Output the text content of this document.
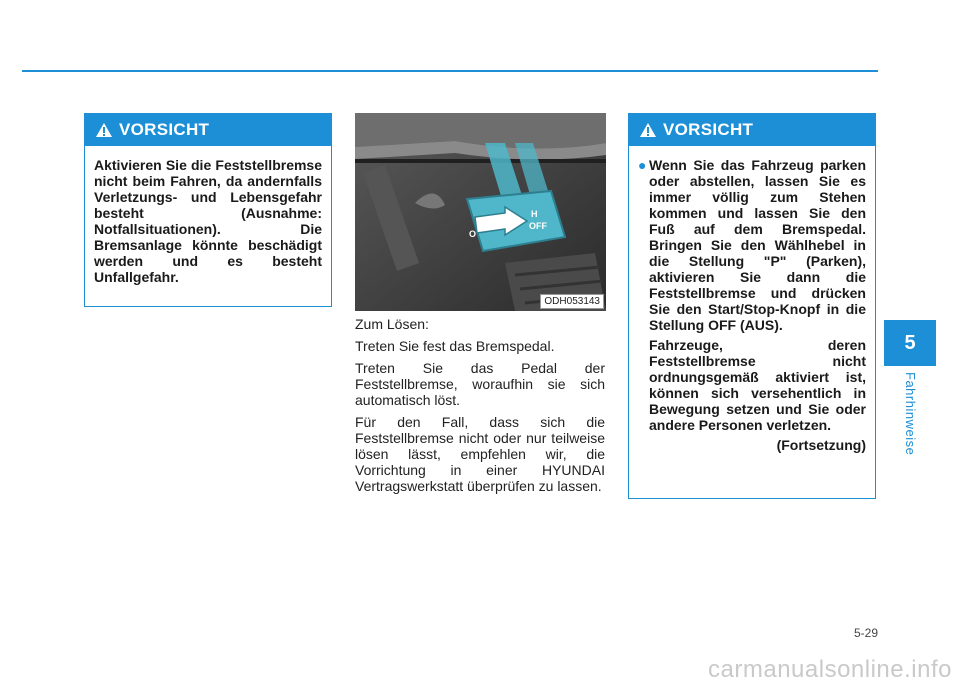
VORSICHT
Aktivieren Sie die Feststellbremse nicht beim Fahren, da andernfalls Verletzungs- und Lebensgefahr besteht (Ausnahme: Notfallsituationen). Die Bremsanlage könnte beschädigt werden und es besteht Unfallgefahr.
O
H
OFF
ODH053143

Zum Lösen:

Treten Sie fest das Bremspedal.

Treten Sie das Pedal der Feststellbremse, woraufhin sie sich automatisch löst.

Für den Fall, dass sich die Feststellbremse nicht oder nur teilweise lösen lässt, empfehlen wir, die Vorrichtung in einer HYUNDAI Vertragswerkstatt überprüfen zu lassen.

VORSICHT
● Wenn Sie das Fahrzeug parken oder abstellen, lassen Sie es immer völlig zum Stehen kommen und lassen Sie den Fuß auf dem Bremspedal. Bringen Sie den Wählhebel in die Stellung "P" (Parken), aktivieren Sie dann die Feststellbremse und drücken Sie den Start/Stop-Knopf in die Stellung OFF (AUS).
Fahrzeuge, deren Feststellbremse nicht ordnungsgemäß aktiviert ist, können sich versehentlich in Bewegung setzen und Sie oder andere Personen verletzen.
(Fortsetzung)
5
Fahrhinweise
5-29
carmanualsonline.info
